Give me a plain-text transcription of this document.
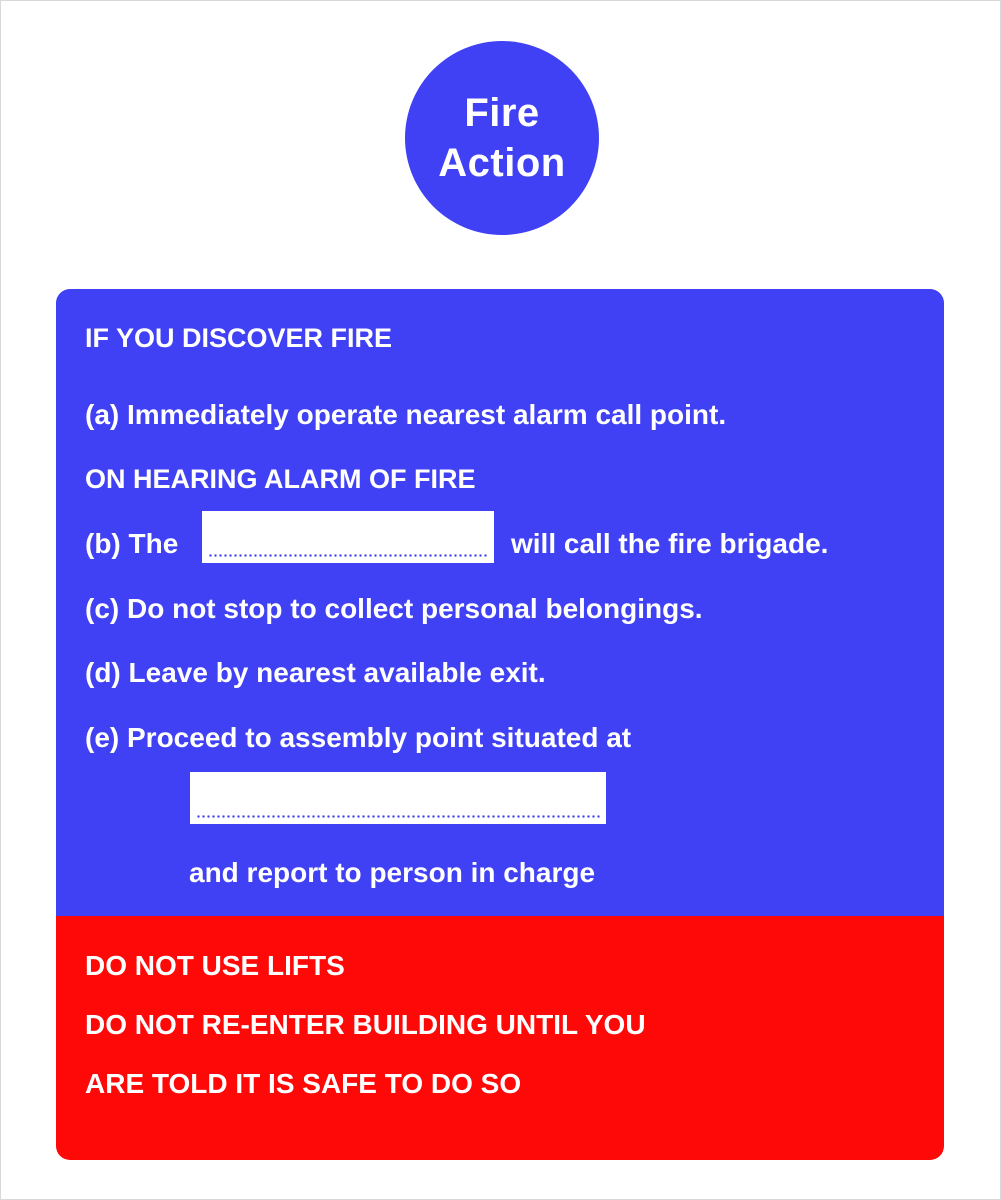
Fire
Action
IF YOU DISCOVER FIRE
(a) Immediately operate nearest alarm call point.
ON HEARING ALARM OF FIRE
(b) The	will call the fire brigade.
(c) Do not stop to collect personal belongings.
(d) Leave by nearest available exit.
(e) Proceed to assembly point situated at
and report to person in charge
DO NOT USE LIFTS
DO NOT RE-ENTER BUILDING UNTIL YOU
ARE TOLD IT IS SAFE TO DO SO
